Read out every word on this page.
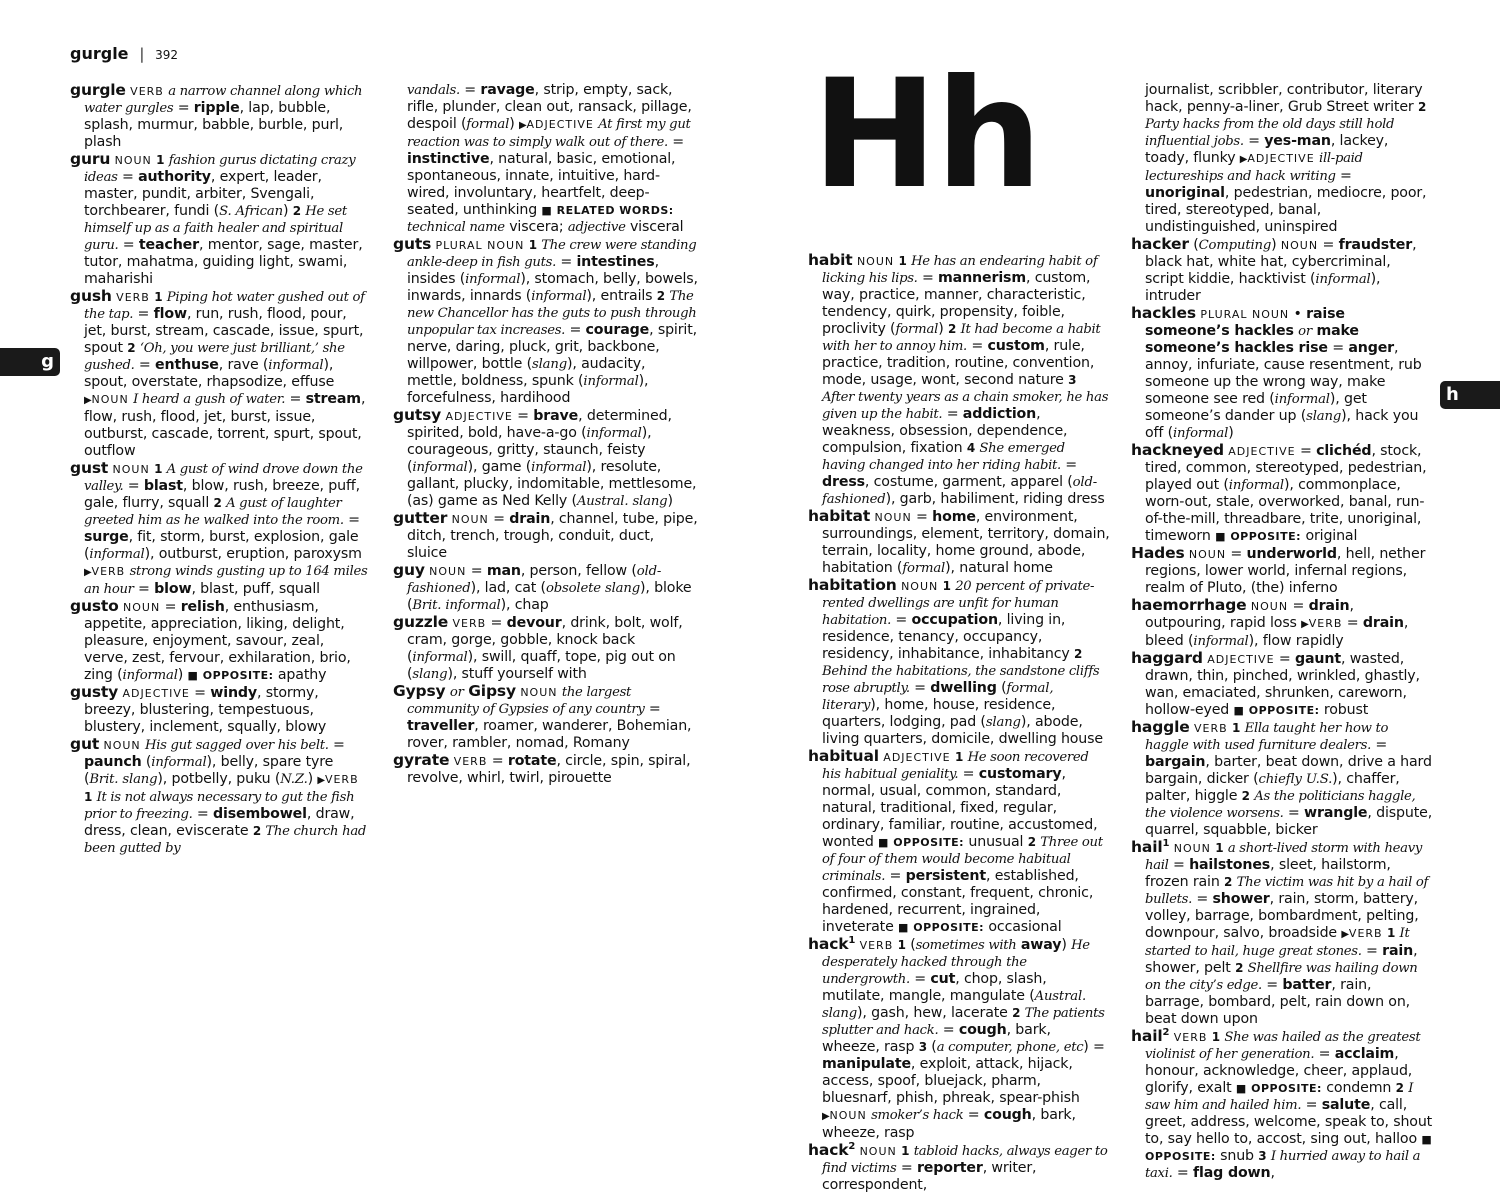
gurgle | 392
g
h
Hh

gurgle VERB a narrow channel along which water gurgles = ripple, lap, bubble, splash, murmur, babble, burble, purl, plash

guru NOUN 1 fashion gurus dictating crazy ideas = authority, expert, leader, master, pundit, arbiter, Svengali, torchbearer, fundi (S. African) 2 He set himself up as a faith healer and spiritual guru. = teacher, mentor, sage, master, tutor, mahatma, guiding light, swami, maharishi

gush VERB 1 Piping hot water gushed out of the tap. = flow, run, rush, flood, pour, jet, burst, stream, cascade, issue, spurt, spout 2 ‘Oh, you were just brilliant,’ she gushed. = enthuse, rave (informal), spout, overstate, rhapsodize, effuse ▶NOUN I heard a gush of water. = stream, flow, rush, flood, jet, burst, issue, outburst, cascade, torrent, spurt, spout, outflow

gust NOUN 1 A gust of wind drove down the valley. = blast, blow, rush, breeze, puff, gale, flurry, squall 2 A gust of laughter greeted him as he walked into the room. = surge, fit, storm, burst, explosion, gale (informal), outburst, eruption, paroxysm ▶VERB strong winds gusting up to 164 miles an hour = blow, blast, puff, squall

gusto NOUN = relish, enthusiasm, appetite, appreciation, liking, delight, pleasure, enjoyment, savour, zeal, verve, zest, fervour, exhilaration, brio, zing (informal) ■ OPPOSITE: apathy

gusty ADJECTIVE = windy, stormy, breezy, blustering, tempestuous, blustery, inclement, squally, blowy

gut NOUN His gut sagged over his belt. = paunch (informal), belly, spare tyre (Brit. slang), potbelly, puku (N.Z.) ▶VERB 1 It is not always necessary to gut the fish prior to freezing. = disembowel, draw, dress, clean, eviscerate 2 The church had been gutted by

vandals. = ravage, strip, empty, sack, rifle, plunder, clean out, ransack, pillage, despoil (formal) ▶ADJECTIVE At first my gut reaction was to simply walk out of there. = instinctive, natural, basic, emotional, spontaneous, innate, intuitive, hard-wired, involuntary, heartfelt, deep-seated, unthinking ■ RELATED WORDS: technical name viscera; adjective visceral

guts PLURAL NOUN 1 The crew were standing ankle-deep in fish guts. = intestines, insides (informal), stomach, belly, bowels, inwards, innards (informal), entrails 2 The new Chancellor has the guts to push through unpopular tax increases. = courage, spirit, nerve, daring, pluck, grit, backbone, willpower, bottle (slang), audacity, mettle, boldness, spunk (informal), forcefulness, hardihood

gutsy ADJECTIVE = brave, determined, spirited, bold, have-a-go (informal), courageous, gritty, staunch, feisty (informal), game (informal), resolute, gallant, plucky, indomitable, mettlesome, (as) game as Ned Kelly (Austral. slang)

gutter NOUN = drain, channel, tube, pipe, ditch, trench, trough, conduit, duct, sluice

guy NOUN = man, person, fellow (old-fashioned), lad, cat (obsolete slang), bloke (Brit. informal), chap

guzzle VERB = devour, drink, bolt, wolf, cram, gorge, gobble, knock back (informal), swill, quaff, tope, pig out on (slang), stuff yourself with

Gypsy or Gipsy NOUN the largest community of Gypsies of any country = traveller, roamer, wanderer, Bohemian, rover, rambler, nomad, Romany

gyrate VERB = rotate, circle, spin, spiral, revolve, whirl, twirl, pirouette

habit NOUN 1 He has an endearing habit of licking his lips. = mannerism, custom, way, practice, manner, characteristic, tendency, quirk, propensity, foible, proclivity (formal) 2 It had become a habit with her to annoy him. = custom, rule, practice, tradition, routine, convention, mode, usage, wont, second nature 3 After twenty years as a chain smoker, he has given up the habit. = addiction, weakness, obsession, dependence, compulsion, fixation 4 She emerged having changed into her riding habit. = dress, costume, garment, apparel (old-fashioned), garb, habiliment, riding dress

habitat NOUN = home, environment, surroundings, element, territory, domain, terrain, locality, home ground, abode, habitation (formal), natural home

habitation NOUN 1 20 percent of private-rented dwellings are unfit for human habitation. = occupation, living in, residence, tenancy, occupancy, residency, inhabitance, inhabitancy 2 Behind the habitations, the sandstone cliffs rose abruptly. = dwelling (formal, literary), home, house, residence, quarters, lodging, pad (slang), abode, living quarters, domicile, dwelling house

habitual ADJECTIVE 1 He soon recovered his habitual geniality. = customary, normal, usual, common, standard, natural, traditional, fixed, regular, ordinary, familiar, routine, accustomed, wonted ■ OPPOSITE: unusual 2 Three out of four of them would become habitual criminals. = persistent, established, confirmed, constant, frequent, chronic, hardened, recurrent, ingrained, inveterate ■ OPPOSITE: occasional

hack$^1$ VERB 1 (sometimes with away) He desperately hacked through the undergrowth. = cut, chop, slash, mutilate, mangle, mangulate (Austral. slang), gash, hew, lacerate 2 The patients splutter and hack. = cough, bark, wheeze, rasp 3 (a computer, phone, etc) = manipulate, exploit, attack, hijack, access, spoof, bluejack, pharm, bluesnarf, phish, phreak, spear-phish ▶NOUN smoker’s hack = cough, bark, wheeze, rasp

hack$^2$ NOUN 1 tabloid hacks, always eager to find victims = reporter, writer, correspondent,

journalist, scribbler, contributor, literary hack, penny-a-liner, Grub Street writer 2 Party hacks from the old days still hold influential jobs. = yes-man, lackey, toady, flunky ▶ADJECTIVE ill-paid lectureships and hack writing = unoriginal, pedestrian, mediocre, poor, tired, stereotyped, banal, undistinguished, uninspired

hacker (Computing) NOUN = fraudster, black hat, white hat, cybercriminal, script kiddie, hacktivist (informal), intruder

hackles PLURAL NOUN • raise someone’s hackles or make someone’s hackles rise = anger, annoy, infuriate, cause resentment, rub someone up the wrong way, make someone see red (informal), get someone’s dander up (slang), hack you off (informal)

hackneyed ADJECTIVE = clichéd, stock, tired, common, stereotyped, pedestrian, played out (informal), commonplace, worn-out, stale, overworked, banal, run-of-the-mill, threadbare, trite, unoriginal, timeworn ■ OPPOSITE: original

Hades NOUN = underworld, hell, nether regions, lower world, infernal regions, realm of Pluto, (the) inferno

haemorrhage NOUN = drain, outpouring, rapid loss ▶VERB = drain, bleed (informal), flow rapidly

haggard ADJECTIVE = gaunt, wasted, drawn, thin, pinched, wrinkled, ghastly, wan, emaciated, shrunken, careworn, hollow-eyed ■ OPPOSITE: robust

haggle VERB 1 Ella taught her how to haggle with used furniture dealers. = bargain, barter, beat down, drive a hard bargain, dicker (chiefly U.S.), chaffer, palter, higgle 2 As the politicians haggle, the violence worsens. = wrangle, dispute, quarrel, squabble, bicker

hail$^1$ NOUN 1 a short-lived storm with heavy hail = hailstones, sleet, hailstorm, frozen rain 2 The victim was hit by a hail of bullets. = shower, rain, storm, battery, volley, barrage, bombardment, pelting, downpour, salvo, broadside ▶VERB 1 It started to hail, huge great stones. = rain, shower, pelt 2 Shellfire was hailing down on the city’s edge. = batter, rain, barrage, bombard, pelt, rain down on, beat down upon

hail$^2$ VERB 1 She was hailed as the greatest violinist of her generation. = acclaim, honour, acknowledge, cheer, applaud, glorify, exalt ■ OPPOSITE: condemn 2 I saw him and hailed him. = salute, call, greet, address, welcome, speak to, shout to, say hello to, accost, sing out, halloo ■ OPPOSITE: snub 3 I hurried away to hail a taxi. = flag down,
